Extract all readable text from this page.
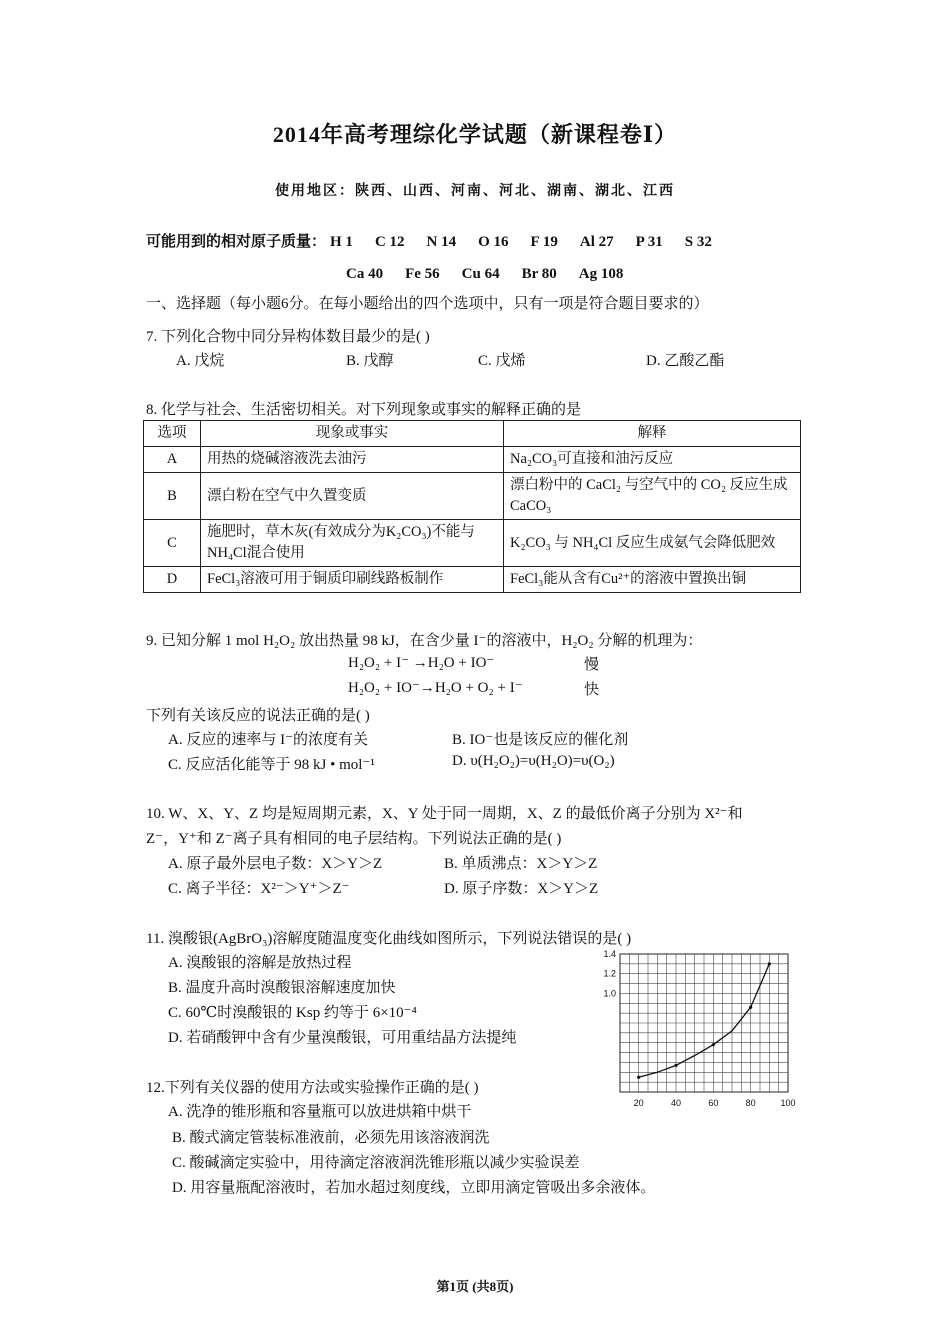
2014年高考理综化学试题（新课程卷Ⅰ）
使用地区：陕西、山西、河南、河北、湖南、湖北、江西
可能用到的相对原子质量： H 1 C 12 N 14 O 16 F 19 Al 27 P 31 S 32
Ca 40 Fe 56 Cu 64 Br 80 Ag 108
一、选择题（每小题6分。在每小题给出的四个选项中，只有一项是符合题目要求的）
7. 下列化合物中同分异构体数目最少的是( )
A. 戊烷	B. 戊醇	C. 戊烯	D. 乙酸乙酯
8. 化学与社会、生活密切相关。对下列现象或事实的解释正确的是
选项	现象或事实	解释
A	用热的烧碱溶液洗去油污	Na₂CO₃可直接和油污反应
B	漂白粉在空气中久置变质	漂白粉中的 CaCl₂ 与空气中的 CO₂ 反应生成 CaCO₃
C	施肥时，草木灰(有效成分为K₂CO₃)不能与NH₄Cl混合使用	K₂CO₃ 与 NH₄Cl 反应生成氨气会降低肥效
D	FeCl₃溶液可用于铜质印刷线路板制作	FeCl₃能从含有Cu²⁺的溶液中置换出铜
9. 已知分解 1 mol H₂O₂ 放出热量 98 kJ，在含少量 I⁻的溶液中，H₂O₂ 分解的机理为：
H₂O₂ + I⁻ →H₂O + IO⁻	慢
H₂O₂ + IO⁻→H₂O + O₂ + I⁻	快
下列有关该反应的说法正确的是( )
A. 反应的速率与 I⁻的浓度有关	B. IO⁻也是该反应的催化剂
C. 反应活化能等于 98 kJ • mol⁻¹	D. υ(H₂O₂)=υ(H₂O)=υ(O₂)
10. W、X、Y、Z 均是短周期元素，X、Y 处于同一周期，X、Z 的最低价离子分别为 X²⁻和
Z⁻，Y⁺和 Z⁻离子具有相同的电子层结构。下列说法正确的是( )
A. 原子最外层电子数：X＞Y＞Z	B. 单质沸点：X＞Y＞Z
C. 离子半径：X²⁻＞Y⁺＞Z⁻	D. 原子序数：X＞Y＞Z
11. 溴酸银(AgBrO₃)溶解度随温度变化曲线如图所示，下列说法错误的是( )
A. 溴酸银的溶解是放热过程
B. 温度升高时溴酸银溶解速度加快
C. 60℃时溴酸银的 Ksp 约等于 6×10⁻⁴
D. 若硝酸钾中含有少量溴酸银，可用重结晶方法提纯
20	40	60	80	100
1.0
1.2
1.4
12.下列有关仪器的使用方法或实验操作正确的是( )
A. 洗净的锥形瓶和容量瓶可以放进烘箱中烘干
B. 酸式滴定管装标准液前，必须先用该溶液润洗
C. 酸碱滴定实验中，用待滴定溶液润洗锥形瓶以减少实验误差
D. 用容量瓶配溶液时，若加水超过刻度线，立即用滴定管吸出多余液体。
第1页 (共8页)
